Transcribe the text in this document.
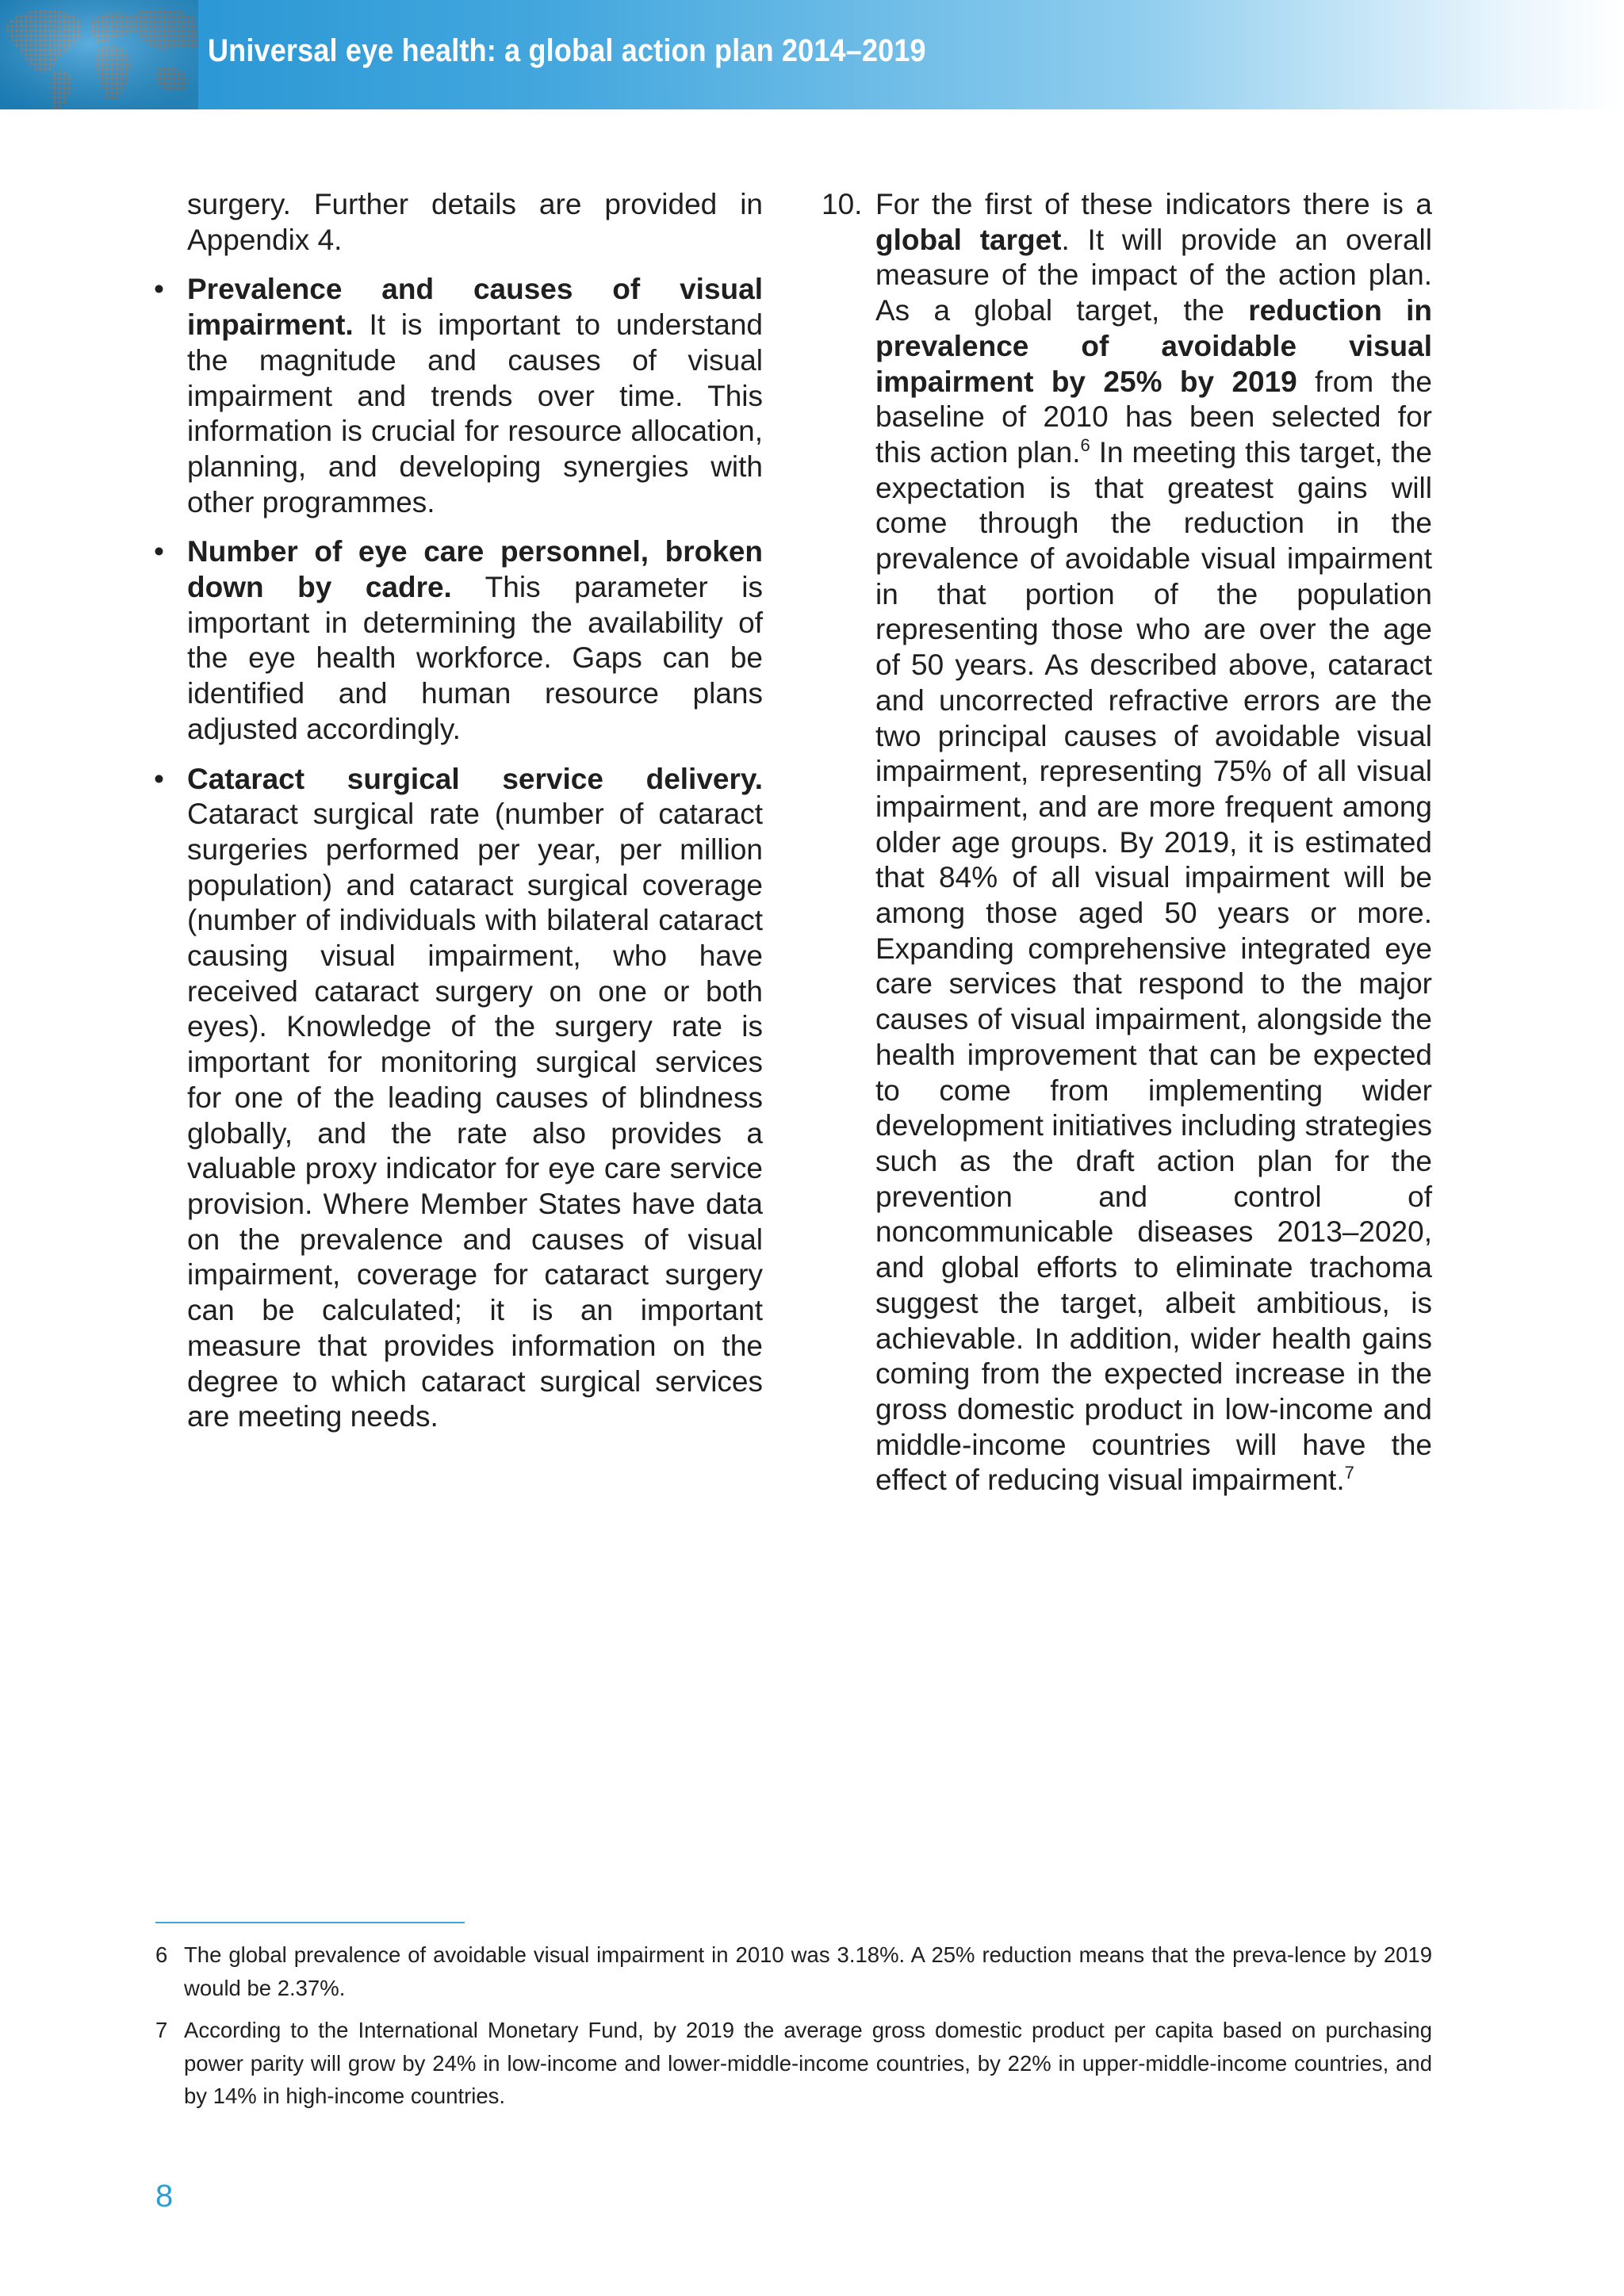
Universal eye health: a global action plan 2014–2019

surgery. Further details are provided in Appendix 4.

• Prevalence and causes of visual impairment. It is important to understand the magnitude and causes of visual impairment and trends over time. This information is crucial for resource allocation, planning, and developing synergies with other programmes.

• Number of eye care personnel, broken down by cadre. This parameter is important in determining the availability of the eye health workforce. Gaps can be identified and human resource plans adjusted accordingly.

• Cataract surgical service delivery. Cataract surgical rate (number of cataract surgeries performed per year, per million population) and cataract surgical coverage (number of individuals with bilateral cataract causing visual impairment, who have received cataract surgery on one or both eyes). Knowledge of the surgery rate is important for monitoring surgical services for one of the leading causes of blindness globally, and the rate also provides a valuable proxy indicator for eye care service provision. Where Member States have data on the prevalence and causes of visual impairment, coverage for cataract surgery can be calculated; it is an important measure that provides information on the degree to which cataract surgical services are meeting needs.

10. For the first of these indicators there is a global target. It will provide an overall measure of the impact of the action plan. As a global target, the reduction in prevalence of avoidable visual impairment by 25% by 2019 from the baseline of 2010 has been selected for this action plan.$^6$ In meeting this target, the expectation is that greatest gains will come through the reduction in the prevalence of avoidable visual impairment in that portion of the population representing those who are over the age of 50 years. As described above, cataract and uncorrected refractive errors are the two principal causes of avoidable visual impairment, representing 75% of all visual impairment, and are more frequent among older age groups. By 2019, it is estimated that 84% of all visual impairment will be among those aged 50 years or more. Expanding comprehensive integrated eye care services that respond to the major causes of visual impairment, alongside the health improvement that can be expected to come from implementing wider development initiatives including strategies such as the draft action plan for the prevention and control of noncommunicable diseases 2013–2020, and global efforts to eliminate trachoma suggest the target, albeit ambitious, is achievable. In addition, wider health gains coming from the expected increase in the gross domestic product in low-income and middle-income countries will have the effect of reducing visual impairment.$^7$

6 The global prevalence of avoidable visual impairment in 2010 was 3.18%. A 25% reduction means that the preva-lence by 2019 would be 2.37%.
7 According to the International Monetary Fund, by 2019 the average gross domestic product per capita based on purchasing power parity will grow by 24% in low-income and lower-middle-income countries, by 22% in upper-middle-income countries, and by 14% in high-income countries.
8
